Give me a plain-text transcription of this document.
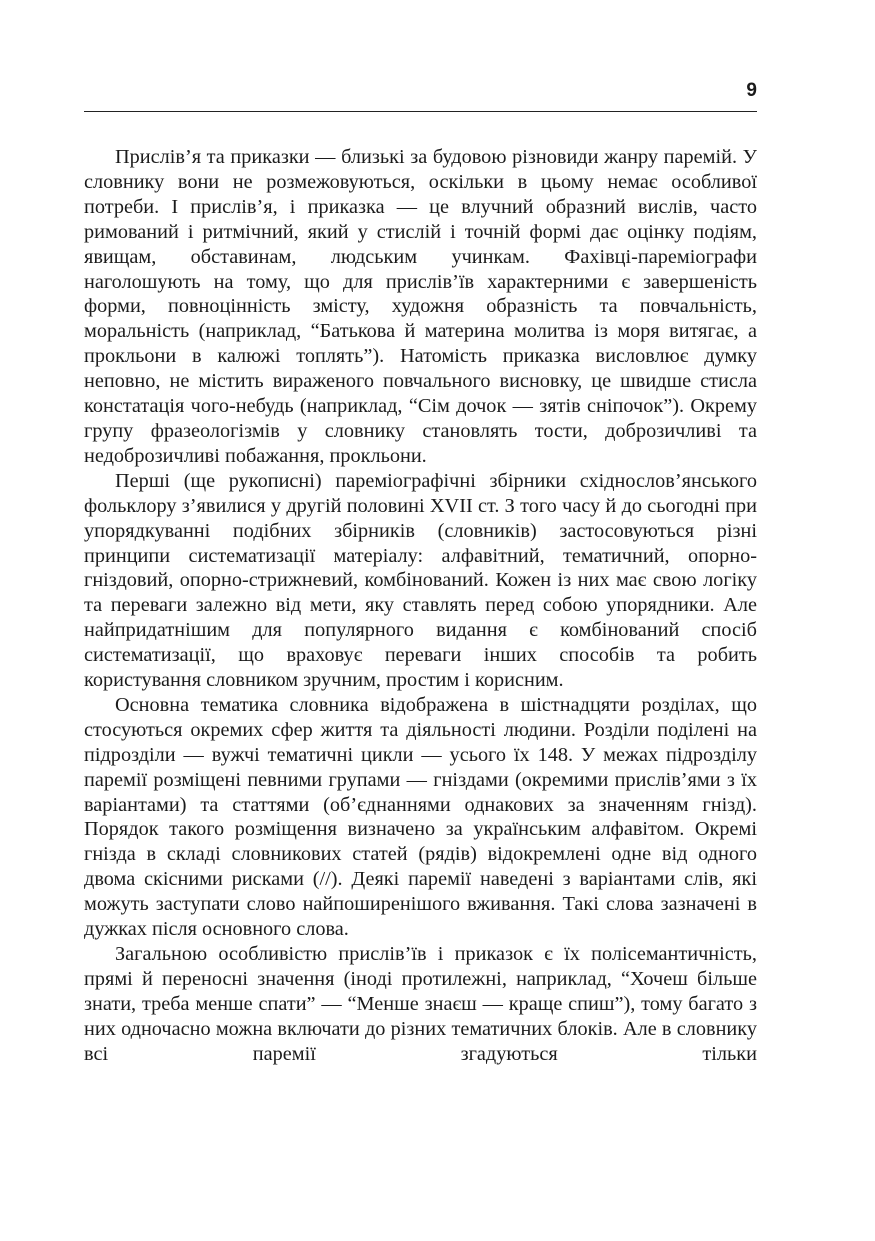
9

Прислів’я та приказки — близькі за будовою різновиди жанру паремій. У словнику вони не розмежовуються, оскільки в цьому немає особливої потреби. І прислів’я, і приказка — це влучний образний вислів, часто римований і ритмічний, який у стислій і точній формі дає оцінку подіям, явищам, обставинам, людським учинкам. Фахівці-пареміографи наголошують на тому, що для прислів’їв характерними є завершеність форми, повноцінність змісту, художня образність та повчальність, моральність (наприклад, “Батькова й материна молитва із моря витягає, а прокльони в калюжі топлять”). Натомість приказка висловлює думку неповно, не містить вираженого повчального висновку, це швидше стисла констатація чого-небудь (наприклад, “Сім дочок — зятів сніпочок”). Окрему групу фразеологізмів у словнику становлять тости, доброзичливі та недоброзичливі побажання, прокльони.

Перші (ще рукописні) пареміографічні збірники східнослов’янського фольклору з’явилися у другій половині XVII ст. З того часу й до сьогодні при упорядкуванні подібних збірників (словників) застосовуються різні принципи систематизації матеріалу: алфавітний, тематичний, опорно-гніздовий, опорно-стрижневий, комбінований. Кожен із них має свою логіку та переваги залежно від мети, яку ставлять перед собою упорядники. Але найпридатнішим для популярного видання є комбінований спосіб систематизації, що враховує переваги інших способів та робить користування словником зручним, простим і корисним.

Основна тематика словника відображена в шістнадцяти розділах, що стосуються окремих сфер життя та діяльності людини. Розділи поділені на підрозділи — вужчі тематичні цикли — усього їх 148. У межах підрозділу паремії розміщені певними групами — гніздами (окремими прислів’ями з їх варіантами) та статтями (об’єднаннями однакових за значенням гнізд). Порядок такого розміщення визначено за українським алфавітом. Окремі гнізда в складі словникових статей (рядів) відокремлені одне від одного двома скісними рисками (//). Деякі паремії наведені з варіантами слів, які можуть заступати слово найпоширенішого вживання. Такі слова зазначені в дужках після основного слова.

Загальною особливістю прислів’їв і приказок є їх полісемантичність, прямі й переносні значення (іноді протилежні, наприклад, “Хочеш більше знати, треба менше спати” — “Менше знаєш — краще спиш”), тому багато з них одночасно можна включати до різних тематичних блоків. Але в словнику всі паремії згадуються тільки
